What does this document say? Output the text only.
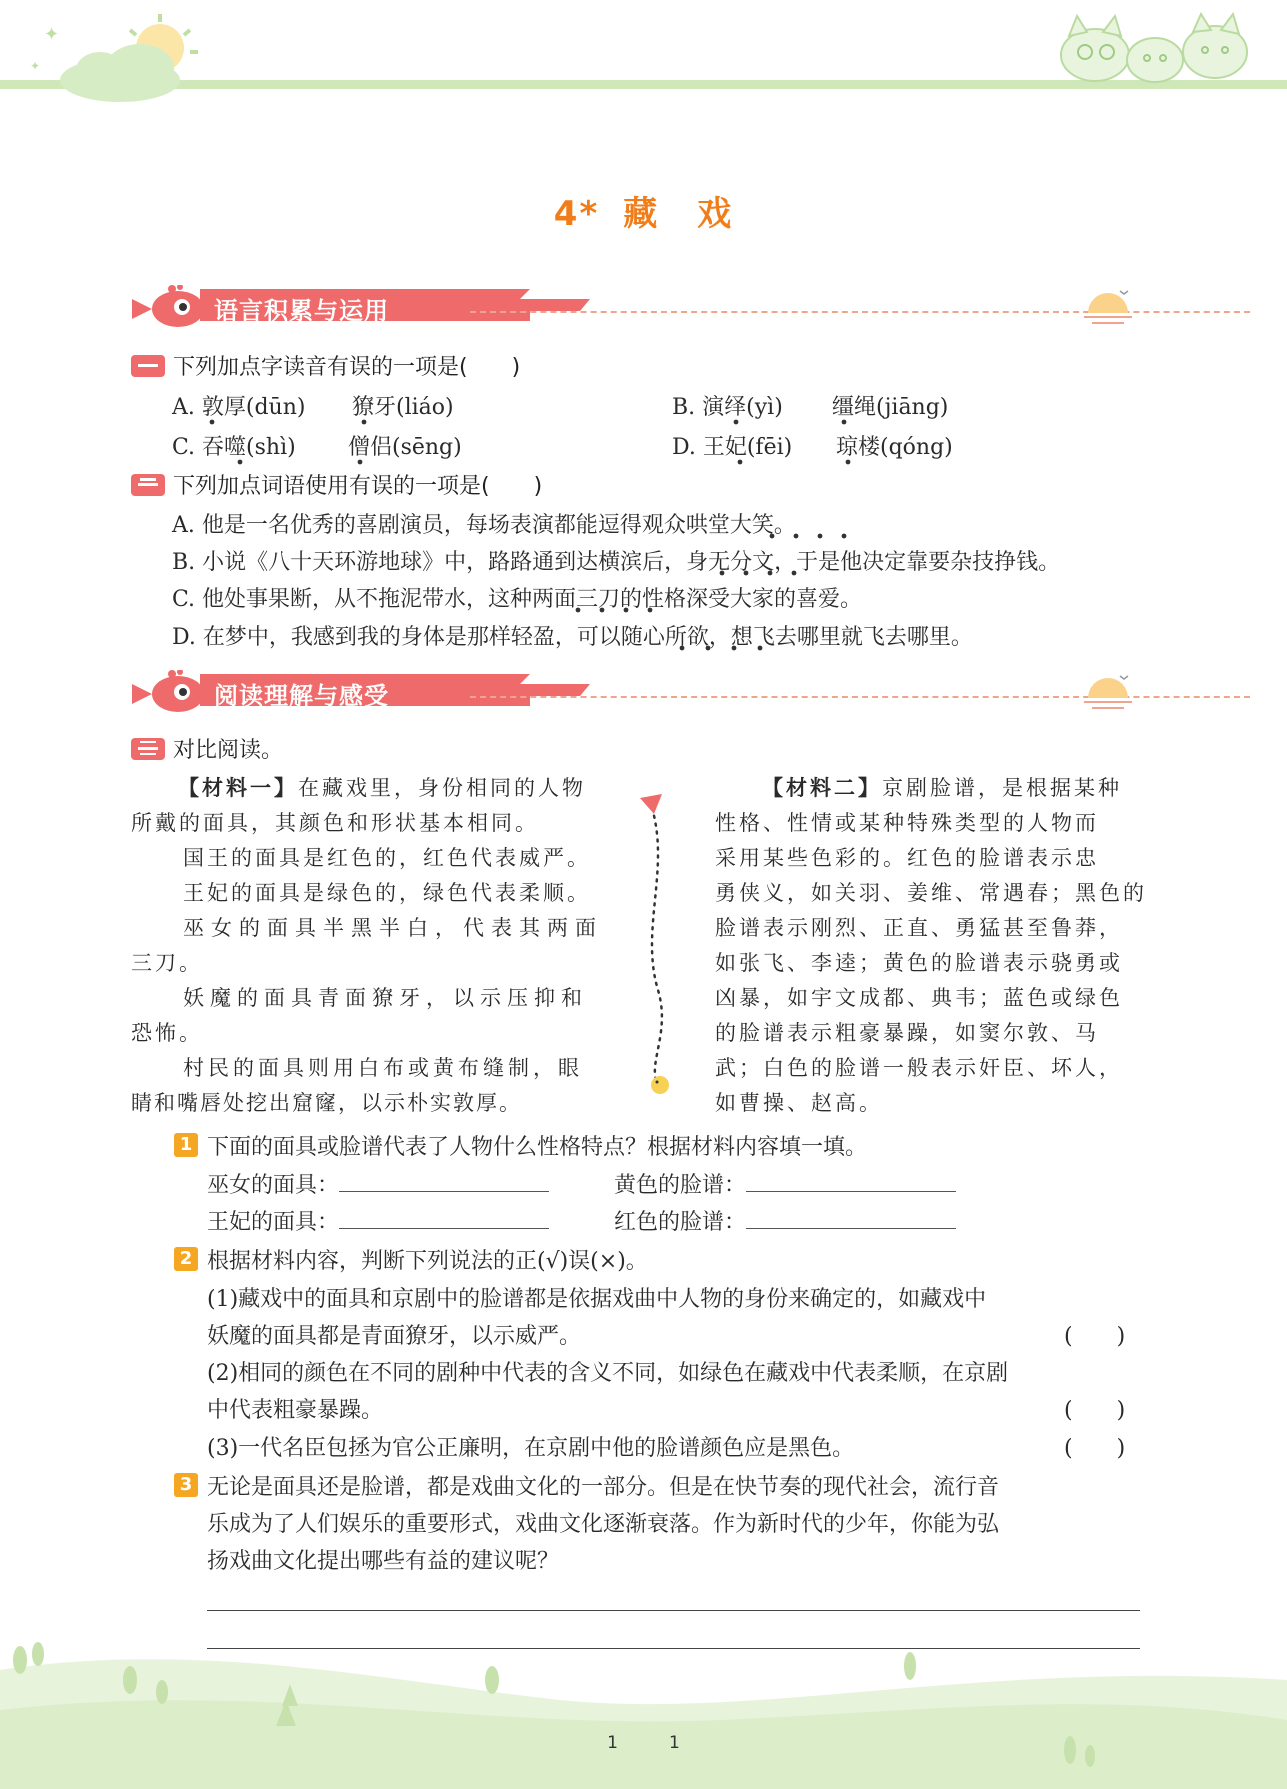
✦
✦
4* 藏 戏
语言积累与运用
下列加点字读音有误的一项是(　　)
A. 敦厚(dūn) 獠牙(liáo)	B. 演绎(yì) 缰绳(jiāng)
C. 吞噬(shì) 僧侣(sēng)	D. 王妃(fēi) 琼楼(qóng)
下列加点词语使用有误的一项是(　　)
A. 他是一名优秀的喜剧演员，每场表演都能逗得观众哄堂大笑。
B. 小说《八十天环游地球》中，路路通到达横滨后，身无分文，于是他决定靠要杂技挣钱。
C. 他处事果断，从不拖泥带水，这种两面三刀的性格深受大家的喜爱。
D. 在梦中，我感到我的身体是那样轻盈，可以随心所欲，想飞去哪里就飞去哪里。
阅读理解与感受
对比阅读。
【材料一】在藏戏里，身份相同的人物
所戴的面具，其颜色和形状基本相同。
国王的面具是红色的，红色代表威严。
王妃的面具是绿色的，绿色代表柔顺。
巫女的面具半黑半白，代表其两面
三刀。
妖魔的面具青面獠牙，以示压抑和
恐怖。
村民的面具则用白布或黄布缝制，眼
睛和嘴唇处挖出窟窿，以示朴实敦厚。
【材料二】京剧脸谱，是根据某种
性格、性情或某种特殊类型的人物而
采用某些色彩的。红色的脸谱表示忠
勇侠义，如关羽、姜维、常遇春；黑色的
脸谱表示刚烈、正直、勇猛甚至鲁莽，
如张飞、李逵；黄色的脸谱表示骁勇或
凶暴，如宇文成都、典韦；蓝色或绿色
的脸谱表示粗豪暴躁，如窦尔敦、马
武；白色的脸谱一般表示奸臣、坏人，
如曹操、赵高。
1 下面的面具或脸谱代表了人物什么性格特点？根据材料内容填一填。
巫女的面具：	黄色的脸谱：
王妃的面具：	红色的脸谱：
2 根据材料内容，判断下列说法的正(√)误(×)。
(1)藏戏中的面具和京剧中的脸谱都是依据戏曲中人物的身份来确定的，如藏戏中
妖魔的面具都是青面獠牙，以示威严。	(　　)
(2)相同的颜色在不同的剧种中代表的含义不同，如绿色在藏戏中代表柔顺，在京剧
中代表粗豪暴躁。	(　　)
(3)一代名臣包拯为官公正廉明，在京剧中他的脸谱颜色应是黑色。	(　　)
3 无论是面具还是脸谱，都是戏曲文化的一部分。但是在快节奏的现代社会，流行音
乐成为了人们娱乐的重要形式，戏曲文化逐渐衰落。作为新时代的少年，你能为弘
扬戏曲文化提出哪些有益的建议呢？
1　　　1
